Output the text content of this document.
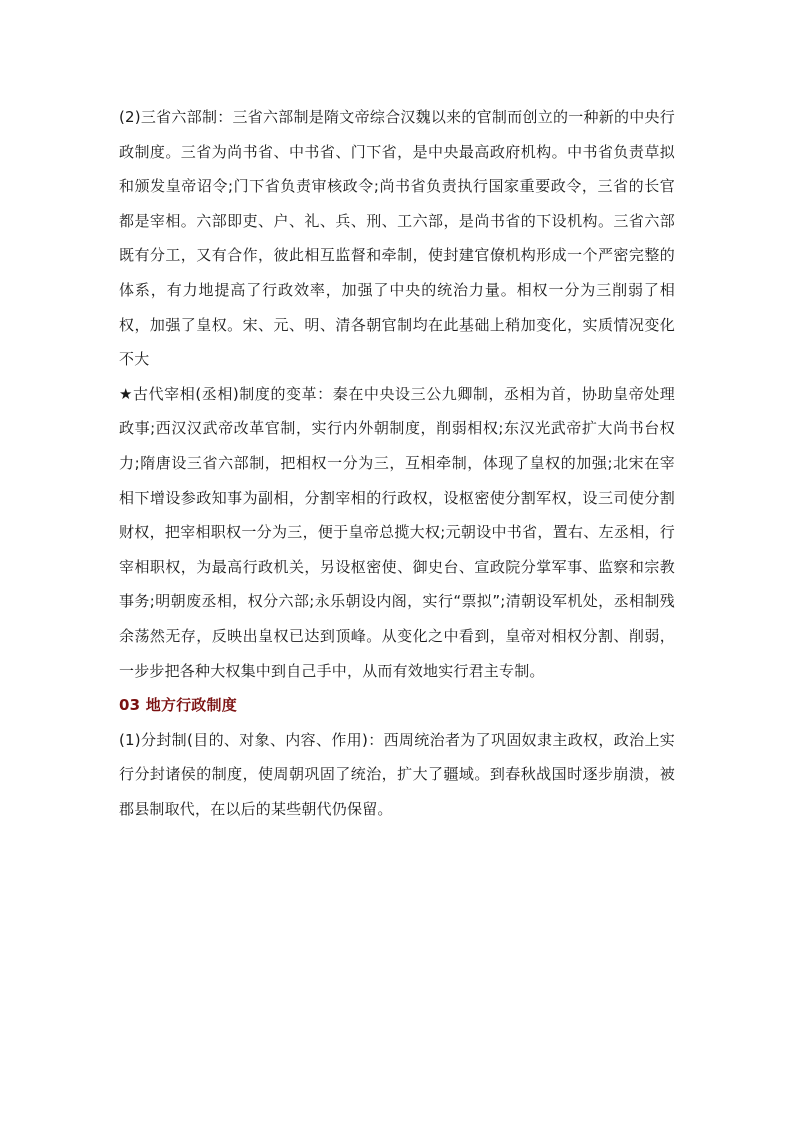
(2)三省六部制：三省六部制是隋文帝综合汉魏以来的官制而创立的一种新的中央行政制度。三省为尚书省、中书省、门下省，是中央最高政府机构。中书省负责草拟和颁发皇帝诏令;门下省负责审核政令;尚书省负责执行国家重要政令，三省的长官都是宰相。六部即吏、户、礼、兵、刑、工六部，是尚书省的下设机构。三省六部既有分工，又有合作，彼此相互监督和牵制，使封建官僚机构形成一个严密完整的体系，有力地提高了行政效率，加强了中央的统治力量。相权一分为三削弱了相权，加强了皇权。宋、元、明、清各朝官制均在此基础上稍加变化，实质情况变化不大

★古代宰相(丞相)制度的变革：秦在中央设三公九卿制，丞相为首，协助皇帝处理政事;西汉汉武帝改革官制，实行内外朝制度，削弱相权;东汉光武帝扩大尚书台权力;隋唐设三省六部制，把相权一分为三，互相牵制，体现了皇权的加强;北宋在宰相下增设参政知事为副相，分割宰相的行政权，设枢密使分割军权，设三司使分割财权，把宰相职权一分为三，便于皇帝总揽大权;元朝设中书省，置右、左丞相，行宰相职权，为最高行政机关，另设枢密使、御史台、宣政院分掌军事、监察和宗教事务;明朝废丞相，权分六部;永乐朝设内阁，实行“票拟”;清朝设军机处，丞相制残余荡然无存，反映出皇权已达到顶峰。从变化之中看到，皇帝对相权分割、削弱，一步步把各种大权集中到自己手中，从而有效地实行君主专制。

03 地方行政制度

(1)分封制(目的、对象、内容、作用)：西周统治者为了巩固奴隶主政权，政治上实行分封诸侯的制度，使周朝巩固了统治，扩大了疆域。到春秋战国时逐步崩溃，被郡县制取代，在以后的某些朝代仍保留。
